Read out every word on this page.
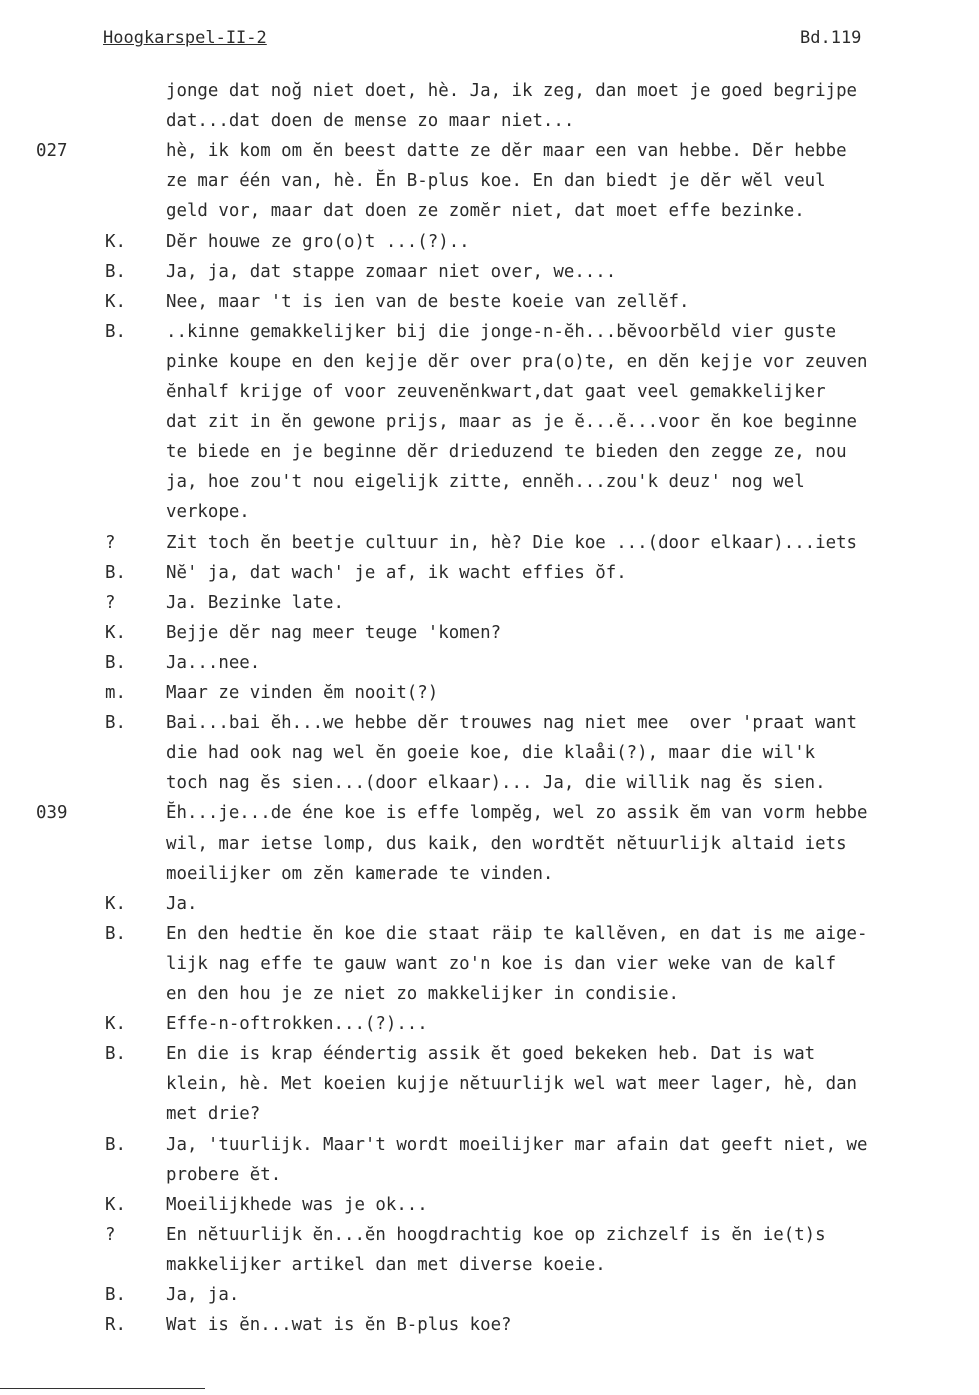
Hoogkarspel-II-2	Bd.119
jonge dat noğ niet doet, hè. Ja, ik zeg, dan moet je goed begrijpe
dat...dat doen de mense zo maar niet...
027	hè, ik kom om ĕn beest datte ze dĕr maar een van hebbe. Dĕr hebbe
ze mar één van, hè. Ĕn B-plus koe. En dan biedt je dĕr wĕl veul
geld vor, maar dat doen ze zomĕr niet, dat moet effe bezinke.
K. Dĕr houwe ze gro(o)t ...(?)..
B. Ja, ja, dat stappe zomaar niet over, we....
K. Nee, maar 't is ien van de beste koeie van zellĕf.
B. ..kinne gemakkelijker bij die jonge-n-ĕh...bĕvoorbĕld vier guste
pinke koupe en den kejje dĕr over pra(o)te, en dĕn kejje vor zeuven
ĕnhalf krijge of voor zeuvenĕnkwart,dat gaat veel gemakkelijker
dat zit in ĕn gewone prijs, maar as je ĕ...ĕ...voor ĕn koe beginne
te biede en je beginne dĕr drieduzend te bieden den zegge ze, nou
ja, hoe zou't nou eigelijk zitte, ennĕh...zou'k deuz' nog wel
verkope.
?	Zit toch ĕn beetje cultuur in, hè? Die koe ...(door elkaar)...iets
B. Nĕ' ja, dat wach' je af, ik wacht effies ŏf.
?	Ja. Bezinke late.
K. Bejje dĕr nag meer teuge 'komen?
B. Ja...nee.
m. Maar ze vinden ĕm nooit(?)
B. Bai...bai ĕh...we hebbe dĕr trouwes nag niet mee  over 'praat want
die had ook nag wel ĕn goeie koe, die klaåi(?), maar die wil'k
toch nag ĕs sien...(door elkaar)... Ja, die willik nag ĕs sien.
039	Ĕh...je...de éne koe is effe lompĕg, wel zo assik ĕm van vorm hebbe
wil, mar ietse lomp, dus kaik, den wordtĕt nĕtuurlijk altaid iets
moeilijker om zĕn kamerade te vinden.
K. Ja.
B. En den hedtie ĕn koe die staat räip te kallĕven, en dat is me aige-
lijk nag effe te gauw want zo'n koe is dan vier weke van de kalf
en den hou je ze niet zo makkelijker in condisie.
K. Effe-n-oftrokken...(?)...
B. En die is krap ééndertig assik ĕt goed bekeken heb. Dat is wat
klein, hè. Met koeien kujje nĕtuurlijk wel wat meer lager, hè, dan
met drie?
B. Ja, 'tuurlijk. Maar't wordt moeilijker mar afain dat geeft niet, we
probere ĕt.
K. Moeilijkhede was je ok...
?	En nĕtuurlijk ĕn...ĕn hoogdrachtig koe op zichzelf is ĕn ie(t)s
makkelijker artikel dan met diverse koeie.
B. Ja, ja.
R. Wat is ĕn...wat is ĕn B-plus koe?
